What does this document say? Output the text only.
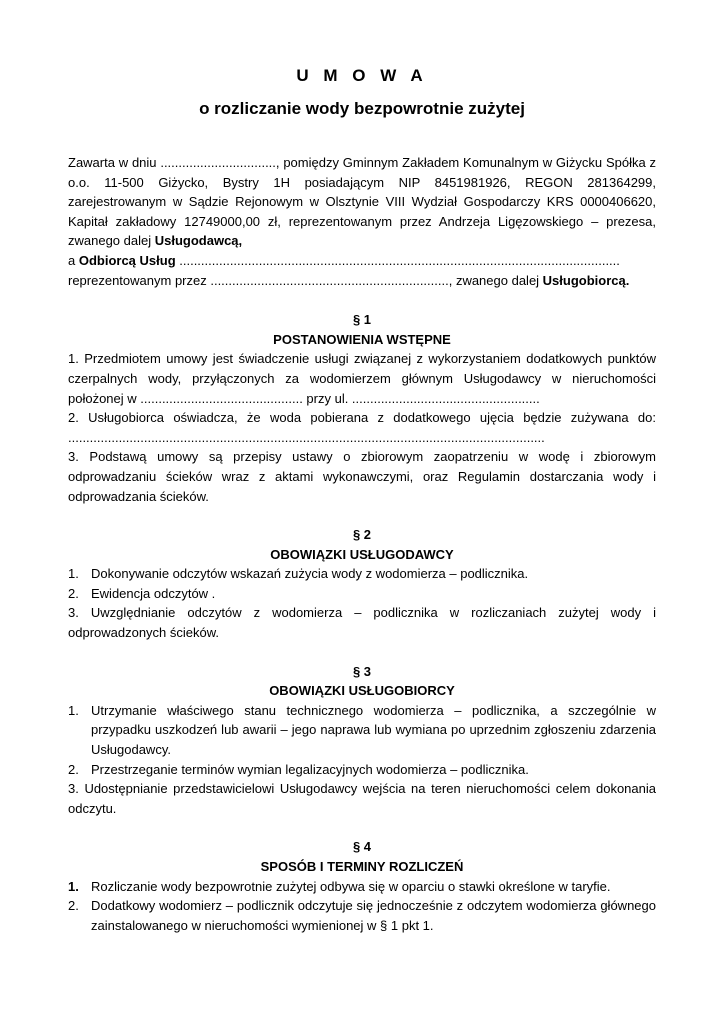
U M O W A

o rozliczanie wody bezpowrotnie zużytej

Zawarta w dniu ................................, pomiędzy Gminnym Zakładem Komunalnym w Giżycku Spółka z o.o. 11-500 Giżycko, Bystry 1H posiadającym NIP 8451981926, REGON 281364299, zarejestrowanym w Sądzie Rejonowym w Olsztynie VIII Wydział Gospodarczy KRS 0000406620, Kapitał zakładowy 12749000,00 zł, reprezentowanym przez Andrzeja Ligęzowskiego – prezesa, zwanego dalej Usługodawcą,

a Odbiorcą Usług ..........................................................................................................................

reprezentowanym przez .................................................................., zwanego dalej Usługobiorcą.

§ 1

POSTANOWIENIA WSTĘPNE

1. Przedmiotem umowy jest świadczenie usługi związanej z wykorzystaniem dodatkowych punktów czerpalnych wody, przyłączonych za wodomierzem głównym Usługodawcy w nieruchomości położonej w ............................................. przy ul. ....................................................

2. Usługobiorca oświadcza, że woda pobierana z dodatkowego ujęcia będzie zużywana do: ....................................................................................................................................

3. Podstawą umowy są przepisy ustawy o zbiorowym zaopatrzeniu w wodę i zbiorowym odprowadzaniu ścieków wraz z aktami wykonawczymi, oraz Regulamin dostarczania wody i odprowadzania ścieków.

§ 2

OBOWIĄZKI USŁUGODAWCY

1. Dokonywanie odczytów wskazań zużycia wody z wodomierza – podlicznika.
2. Ewidencja odczytów .

3. Uwzględnianie odczytów z wodomierza – podlicznika w rozliczaniach zużytej wody i odprowadzonych ścieków.

§ 3

OBOWIĄZKI USŁUGOBIORCY

1. Utrzymanie właściwego stanu technicznego wodomierza – podlicznika, a szczególnie w przypadku uszkodzeń lub awarii – jego naprawa lub wymiana po uprzednim zgłoszeniu zdarzenia Usługodawcy.
2. Przestrzeganie terminów wymian legalizacyjnych wodomierza – podlicznika.

3. Udostępnianie przedstawicielowi Usługodawcy wejścia na teren nieruchomości celem dokonania odczytu.

§ 4

SPOSÓB I TERMINY ROZLICZEŃ

1. Rozliczanie wody bezpowrotnie zużytej odbywa się w oparciu o stawki określone w taryfie.
2. Dodatkowy wodomierz – podlicznik odczytuje się jednocześnie z odczytem wodomierza głównego zainstalowanego w nieruchomości wymienionej w § 1 pkt 1.
